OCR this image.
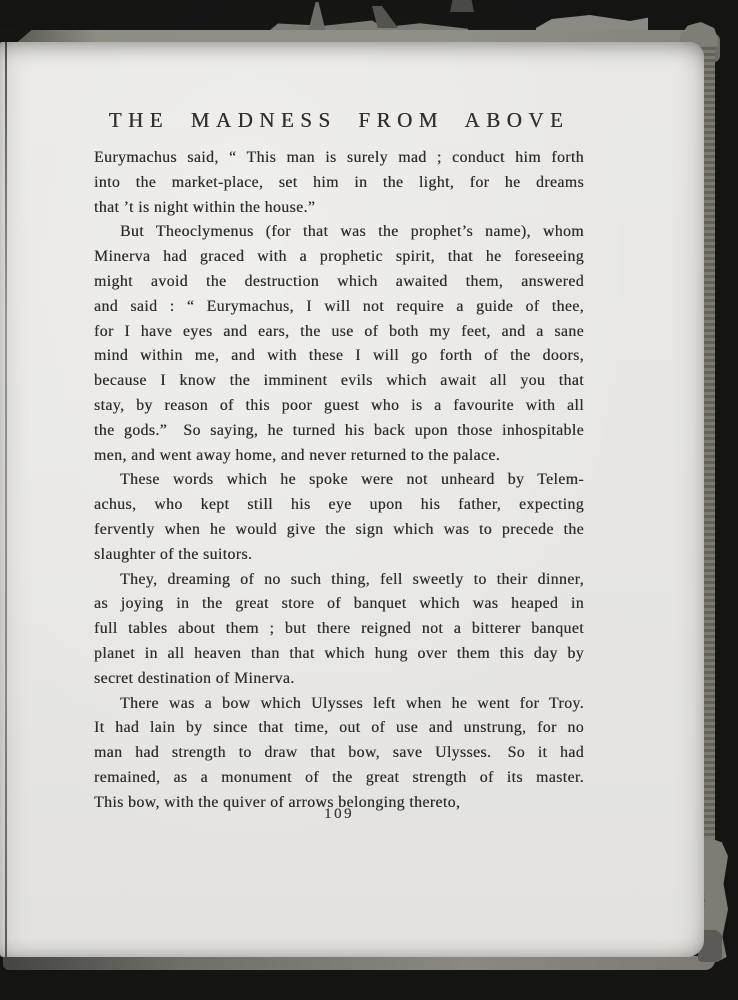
THE MADNESS FROM ABOVE
Eurymachus said, “ This man is surely mad ; conduct him forth
into the market-place, set him in the light, for he dreams
that ’t is night within the house.”
But Theoclymenus (for that was the prophet’s name), whom
Minerva had graced with a prophetic spirit, that he foreseeing
might avoid the destruction which awaited them, answered
and said : “ Eurymachus, I will not require a guide of thee,
for I have eyes and ears, the use of both my feet, and a sane
mind within me, and with these I will go forth of the doors,
because I know the imminent evils which await all you that
stay, by reason of this poor guest who is a favourite with all
the gods.” So saying, he turned his back upon those inhospitable
men, and went away home, and never returned to the palace.
These words which he spoke were not unheard by Telem-
achus, who kept still his eye upon his father, expecting
fervently when he would give the sign which was to precede the
slaughter of the suitors.
They, dreaming of no such thing, fell sweetly to their dinner,
as joying in the great store of banquet which was heaped in
full tables about them ; but there reigned not a bitterer banquet
planet in all heaven than that which hung over them this day by
secret destination of Minerva.
There was a bow which Ulysses left when he went for Troy.
It had lain by since that time, out of use and unstrung, for no
man had strength to draw that bow, save Ulysses. So it had
remained, as a monument of the great strength of its master.
This bow, with the quiver of arrows belonging thereto,
109
